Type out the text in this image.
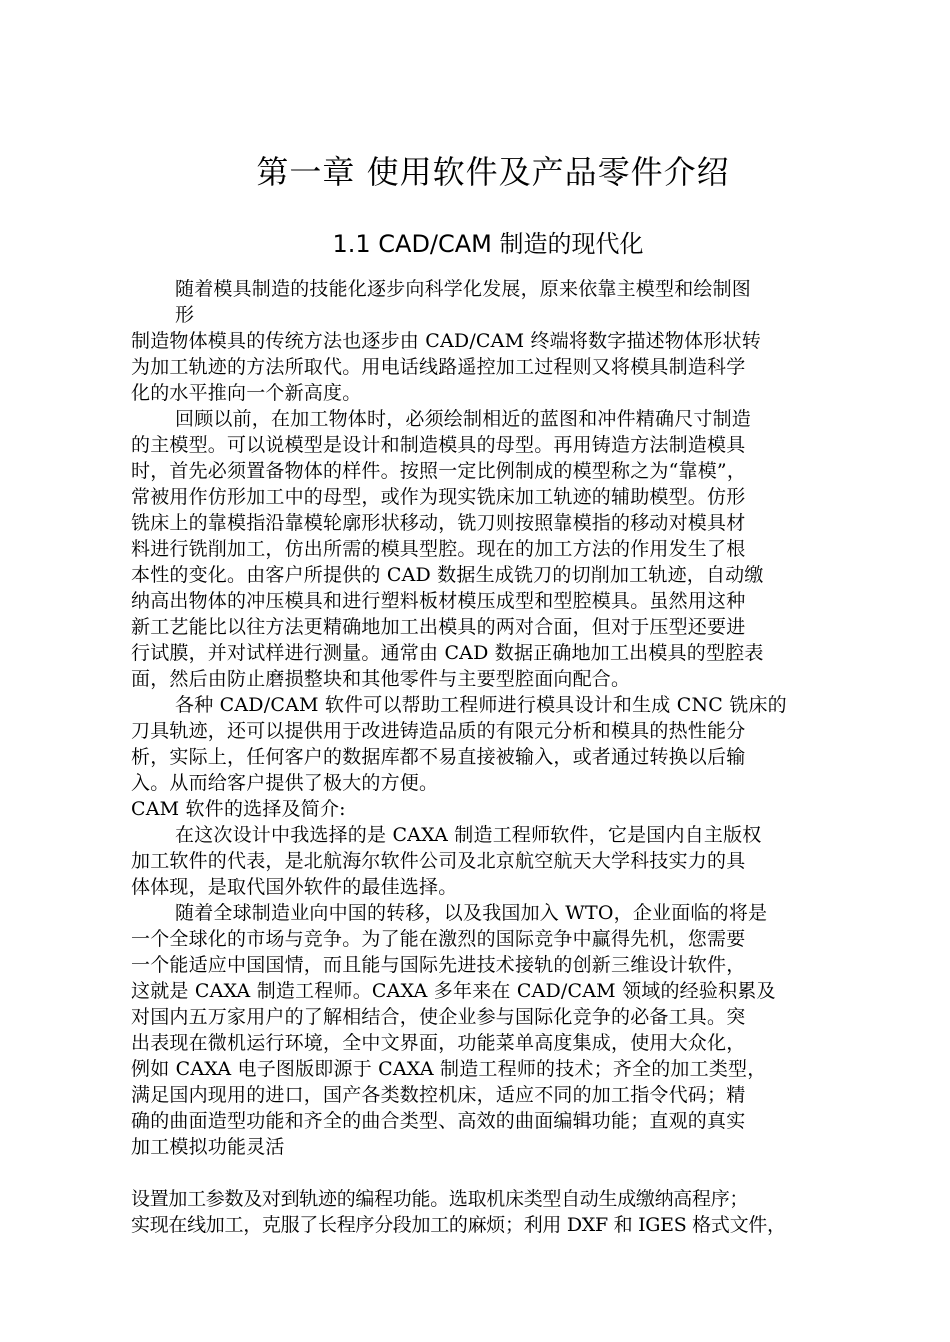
第一章 使用软件及产品零件介绍
1.1 CAD/CAM 制造的现代化
随着模具制造的技能化逐步向科学化发展，原来依靠主模型和绘制图
形
制造物体模具的传统方法也逐步由 CAD/CAM 终端将数字描述物体形状转
为加工轨迹的方法所取代。用电话线路遥控加工过程则又将模具制造科学
化的水平推向一个新高度。
回顾以前，在加工物体时，必须绘制相近的蓝图和冲件精确尺寸制造
的主模型。可以说模型是设计和制造模具的母型。再用铸造方法制造模具
时，首先必须置备物体的样件。按照一定比例制成的模型称之为“靠模”，
常被用作仿形加工中的母型，或作为现实铣床加工轨迹的辅助模型。仿形
铣床上的靠模指沿靠模轮廓形状移动，铣刀则按照靠模指的移动对模具材
料进行铣削加工，仿出所需的模具型腔。现在的加工方法的作用发生了根
本性的变化。由客户所提供的 CAD 数据生成铣刀的切削加工轨迹，自动缴
纳高出物体的冲压模具和进行塑料板材模压成型和型腔模具。虽然用这种
新工艺能比以往方法更精确地加工出模具的两对合面，但对于压型还要进
行试膜，并对试样进行测量。通常由 CAD 数据正确地加工出模具的型腔表
面，然后由防止磨损整块和其他零件与主要型腔面向配合。
各种 CAD/CAM 软件可以帮助工程师进行模具设计和生成 CNC 铣床的
刀具轨迹，还可以提供用于改进铸造品质的有限元分析和模具的热性能分
析，实际上，任何客户的数据库都不易直接被输入，或者通过转换以后输
入。从而给客户提供了极大的方便。
CAM 软件的选择及简介:
在这次设计中我选择的是 CAXA 制造工程师软件，它是国内自主版权
加工软件的代表，是北航海尔软件公司及北京航空航天大学科技实力的具
体体现，是取代国外软件的最佳选择。
随着全球制造业向中国的转移，以及我国加入 WTO，企业面临的将是
一个全球化的市场与竞争。为了能在激烈的国际竞争中赢得先机，您需要
一个能适应中国国情，而且能与国际先进技术接轨的创新三维设计软件，
这就是 CAXA 制造工程师。CAXA 多年来在 CAD/CAM 领域的经验积累及
对国内五万家用户的了解相结合，使企业参与国际化竞争的必备工具。突
出表现在微机运行环境，全中文界面，功能菜单高度集成，使用大众化，
例如 CAXA 电子图版即源于 CAXA 制造工程师的技术；齐全的加工类型，
满足国内现用的进口，国产各类数控机床，适应不同的加工指令代码；精
确的曲面造型功能和齐全的曲合类型、高效的曲面编辑功能；直观的真实
加工模拟功能灵活
设置加工参数及对到轨迹的编程功能。选取机床类型自动生成缴纳高程序；
实现在线加工，克服了长程序分段加工的麻烦；利用 DXF 和 IGES 格式文件，
